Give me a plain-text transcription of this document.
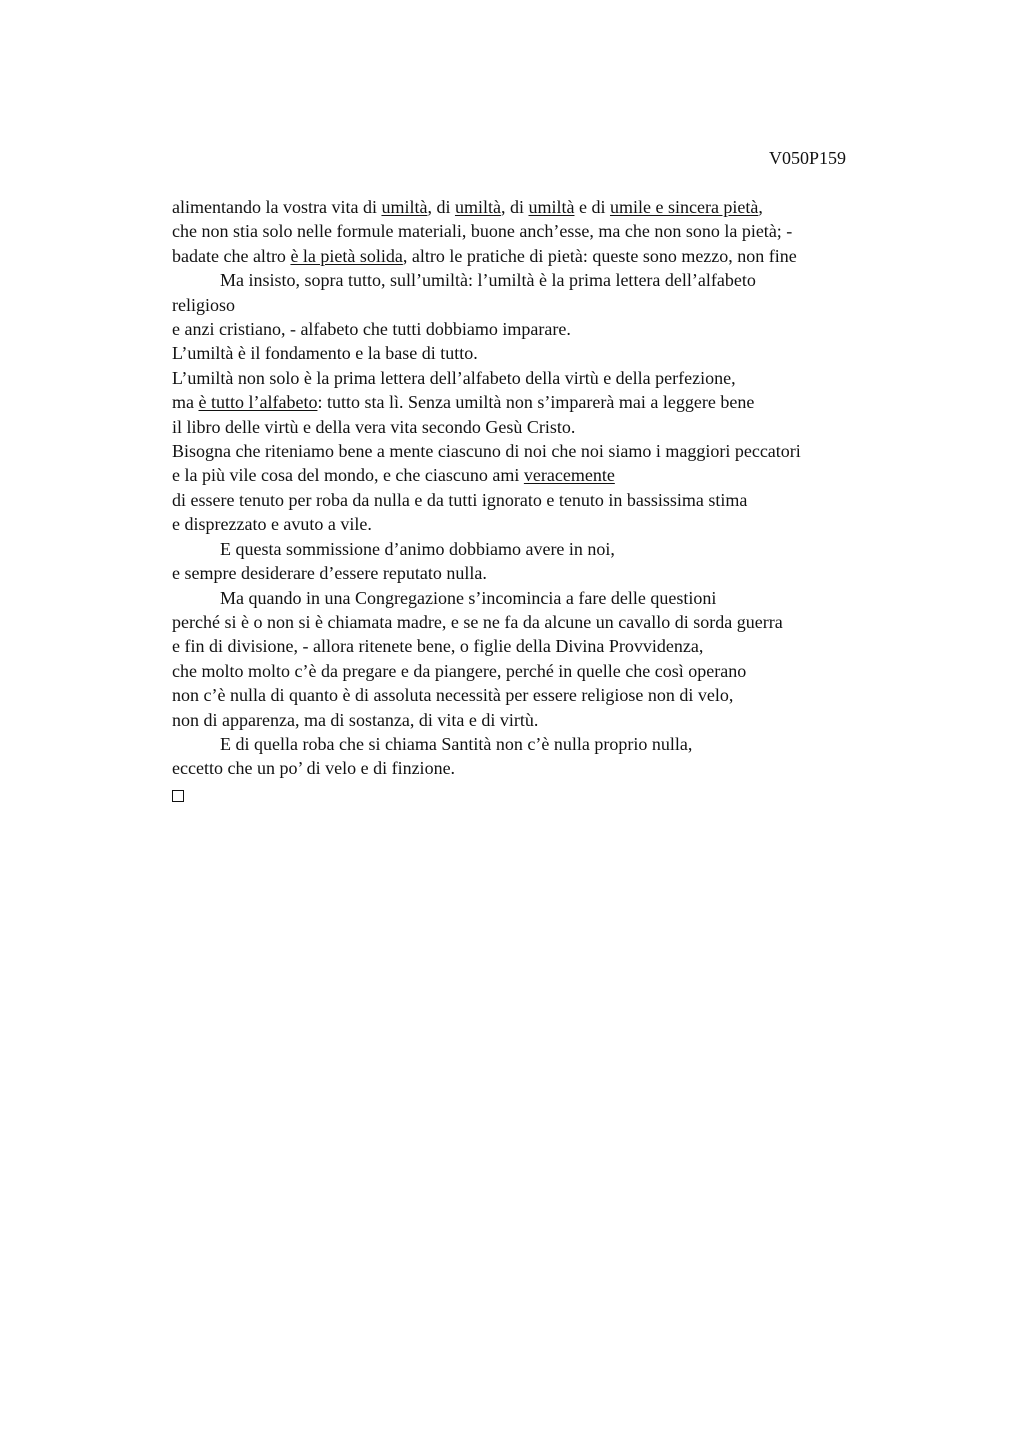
V050P159
alimentando la vostra vita di umiltà, di umiltà, di umiltà e di umile e sincera pietà,
che non stia solo nelle formule materiali, buone anch’esse, ma che non sono la pietà; -
badate che altro è la pietà solida, altro le pratiche di pietà: queste sono mezzo, non fine
Ma insisto, sopra tutto, sull’umiltà: l’umiltà è la prima lettera dell’alfabeto
religioso
e anzi cristiano, - alfabeto che tutti dobbiamo imparare.
L’umiltà è il fondamento e la base di tutto.
L’umiltà non solo è la prima lettera dell’alfabeto della virtù e della perfezione,
ma è tutto l’alfabeto: tutto sta lì. Senza umiltà non s’imparerà mai a leggere bene
il libro delle virtù e della vera vita secondo Gesù Cristo.
Bisogna che riteniamo bene a mente ciascuno di noi che noi siamo i maggiori peccatori
e la più vile cosa del mondo, e che ciascuno ami veracemente
di essere tenuto per roba da nulla e da tutti ignorato e tenuto in bassissima stima
e disprezzato e avuto a vile.
E questa sommissione d’animo dobbiamo avere in noi,
e sempre desiderare d’essere reputato nulla.
Ma quando in una Congregazione s’incomincia a fare delle questioni
perché si è o non si è chiamata madre, e se ne fa da alcune un cavallo di sorda guerra
e fin di divisione, - allora ritenete bene, o figlie della Divina Provvidenza,
che molto molto c’è da pregare e da piangere, perché in quelle che così operano
non c’è nulla di quanto è di assoluta necessità per essere religiose non di velo,
non di apparenza, ma di sostanza, di vita e di virtù.
E di quella roba che si chiama Santità non c’è nulla proprio nulla,
eccetto che un po’ di velo e di finzione.
